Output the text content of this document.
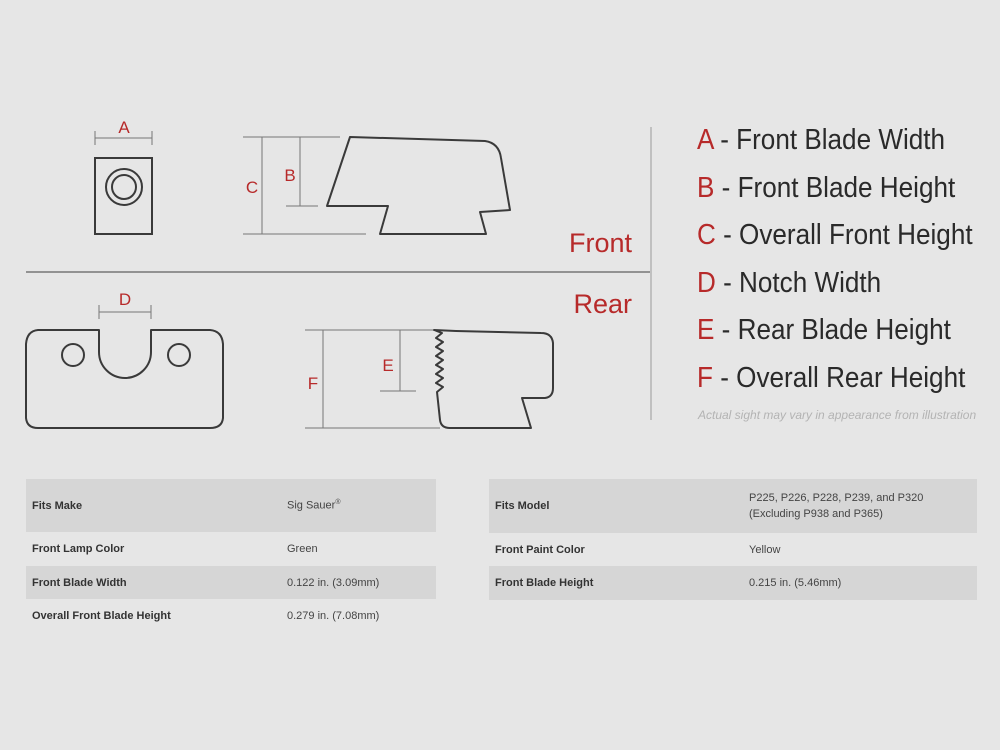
A
B
C
Front
Rear
D
E
F
A - Front Blade Width
B - Front Blade Height
C - Overall Front Height
D - Notch Width
E - Rear Blade Height
F - Overall Rear Height
Actual sight may vary in appearance from illustration
Fits Make	Sig Sauer®
Front Lamp Color	Green
Front Blade Width	0.122 in. (3.09mm)
Overall Front Blade Height	0.279 in. (7.08mm)
Fits Model	P225, P226, P228, P239, and P320
(Excluding P938 and P365)

Front Paint Color	Yellow
Front Blade Height	0.215 in. (5.46mm)
